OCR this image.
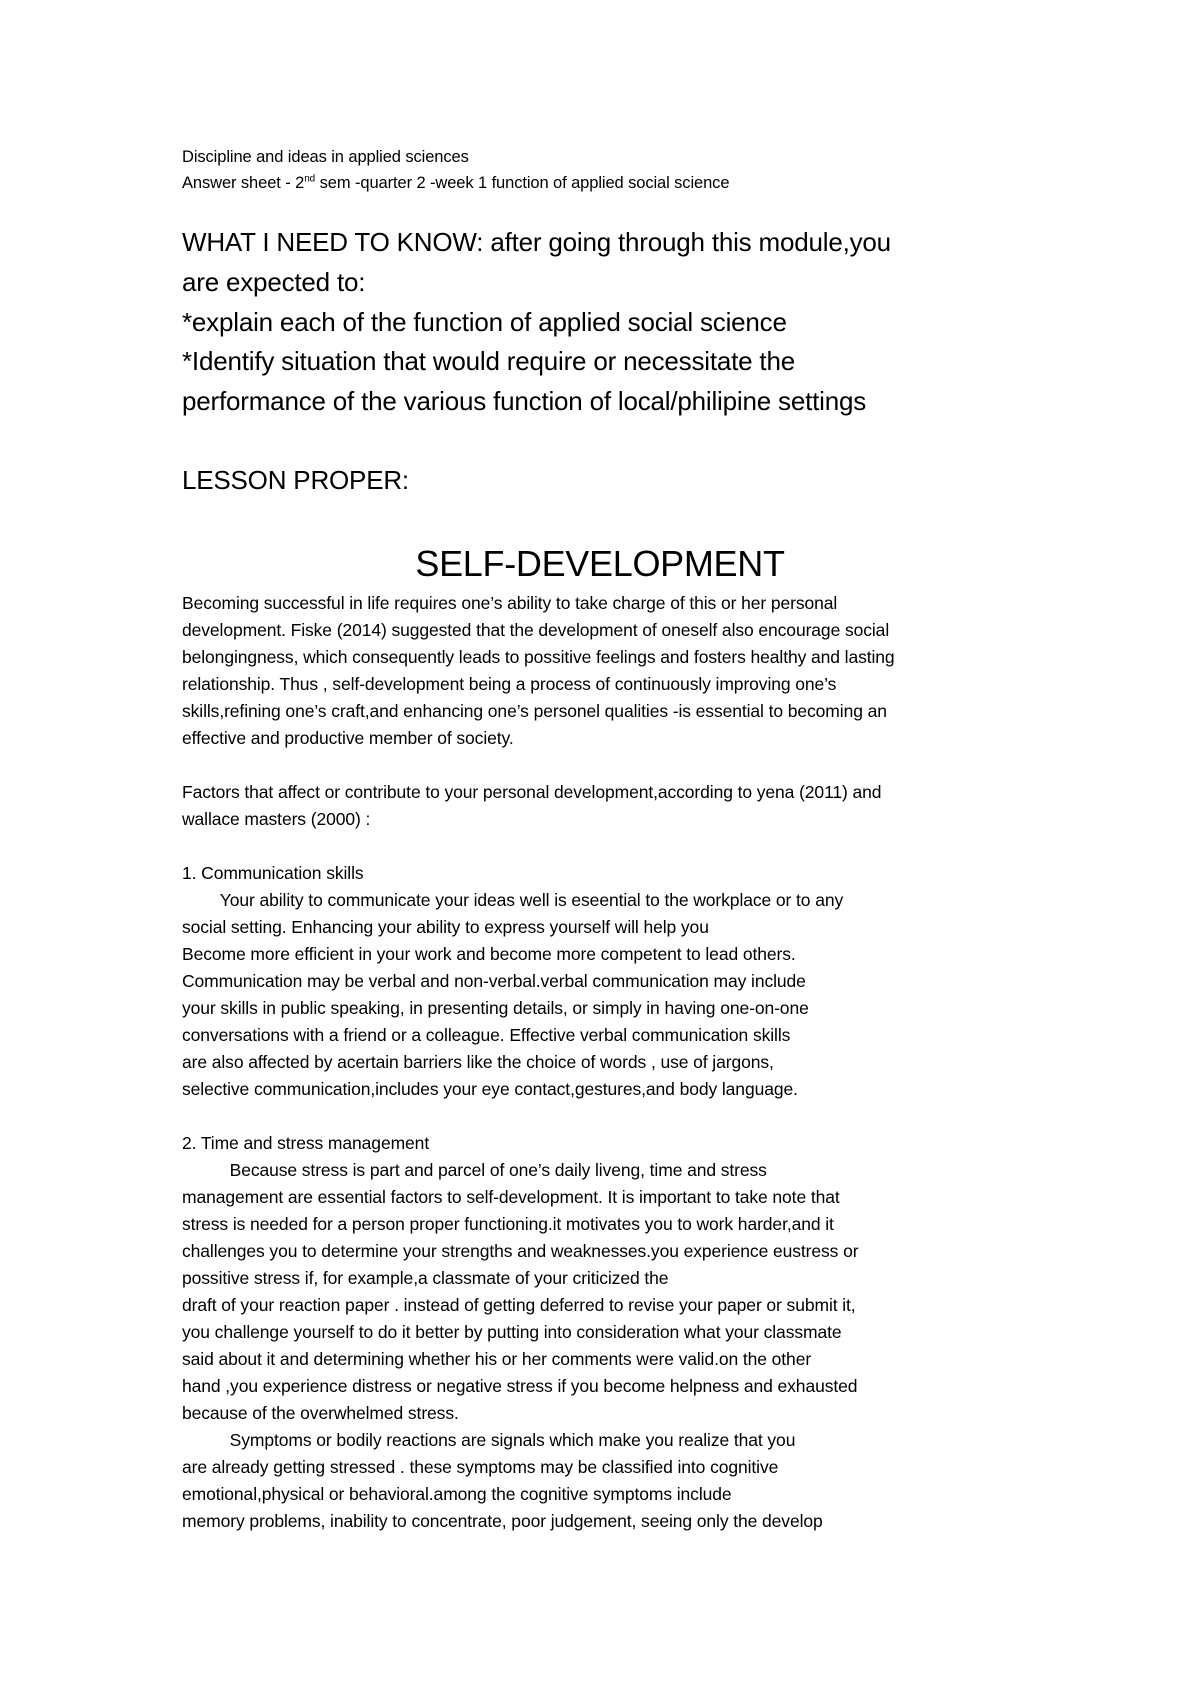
Discipline and ideas in applied sciences
Answer sheet - 2nd sem -quarter 2 -week 1 function of applied social science
WHAT I NEED TO KNOW: after going through this module,you
are expected to:
*explain each of the function of applied social science
*Identify situation that would require or necessitate the
performance of the various function of local/philipine settings
LESSON PROPER:
SELF-DEVELOPMENT
Becoming successful in life requires one’s ability to take charge of this or her personal
development. Fiske (2014) suggested that the development of oneself also encourage social
belongingness, which consequently leads to possitive feelings and fosters healthy and lasting
relationship. Thus , self-development being a process of continuously improving one’s
skills,refining one’s craft,and enhancing one’s personel qualities -is essential to becoming an
effective and productive member of society.
Factors that affect or contribute to your personal development,according to yena (2011) and
wallace masters (2000) :
1. Communication skills
Your ability to communicate your ideas well is eseential to the workplace or to any
social setting. Enhancing your ability to express yourself will help you
Become more efficient in your work and become more competent to lead others.
Communication may be verbal and non-verbal.verbal communication may include
your skills in public speaking, in presenting details, or simply in having one-on-one
conversations with a friend or a colleague. Effective verbal communication skills
are also affected by acertain barriers like the choice of words , use of jargons,
selective communication,includes your eye contact,gestures,and body language.
2. Time and stress management
Because stress is part and parcel of one’s daily liveng, time and stress
management are essential factors to self-development. It is important to take note that
stress is needed for a person proper functioning.it motivates you to work harder,and it
challenges you to determine your strengths and weaknesses.you experience eustress or
possitive stress if, for example,a classmate of your criticized the
draft of your reaction paper . instead of getting deferred to revise your paper or submit it,
you challenge yourself to do it better by putting into consideration what your classmate
said about it and determining whether his or her comments were valid.on the other
hand ,you experience distress or negative stress if you become helpness and exhausted
because of the overwhelmed stress.
Symptoms or bodily reactions are signals which make you realize that you
are already getting stressed . these symptoms may be classified into cognitive
emotional,physical or behavioral.among the cognitive symptoms include
memory problems, inability to concentrate, poor judgement, seeing only the develop
